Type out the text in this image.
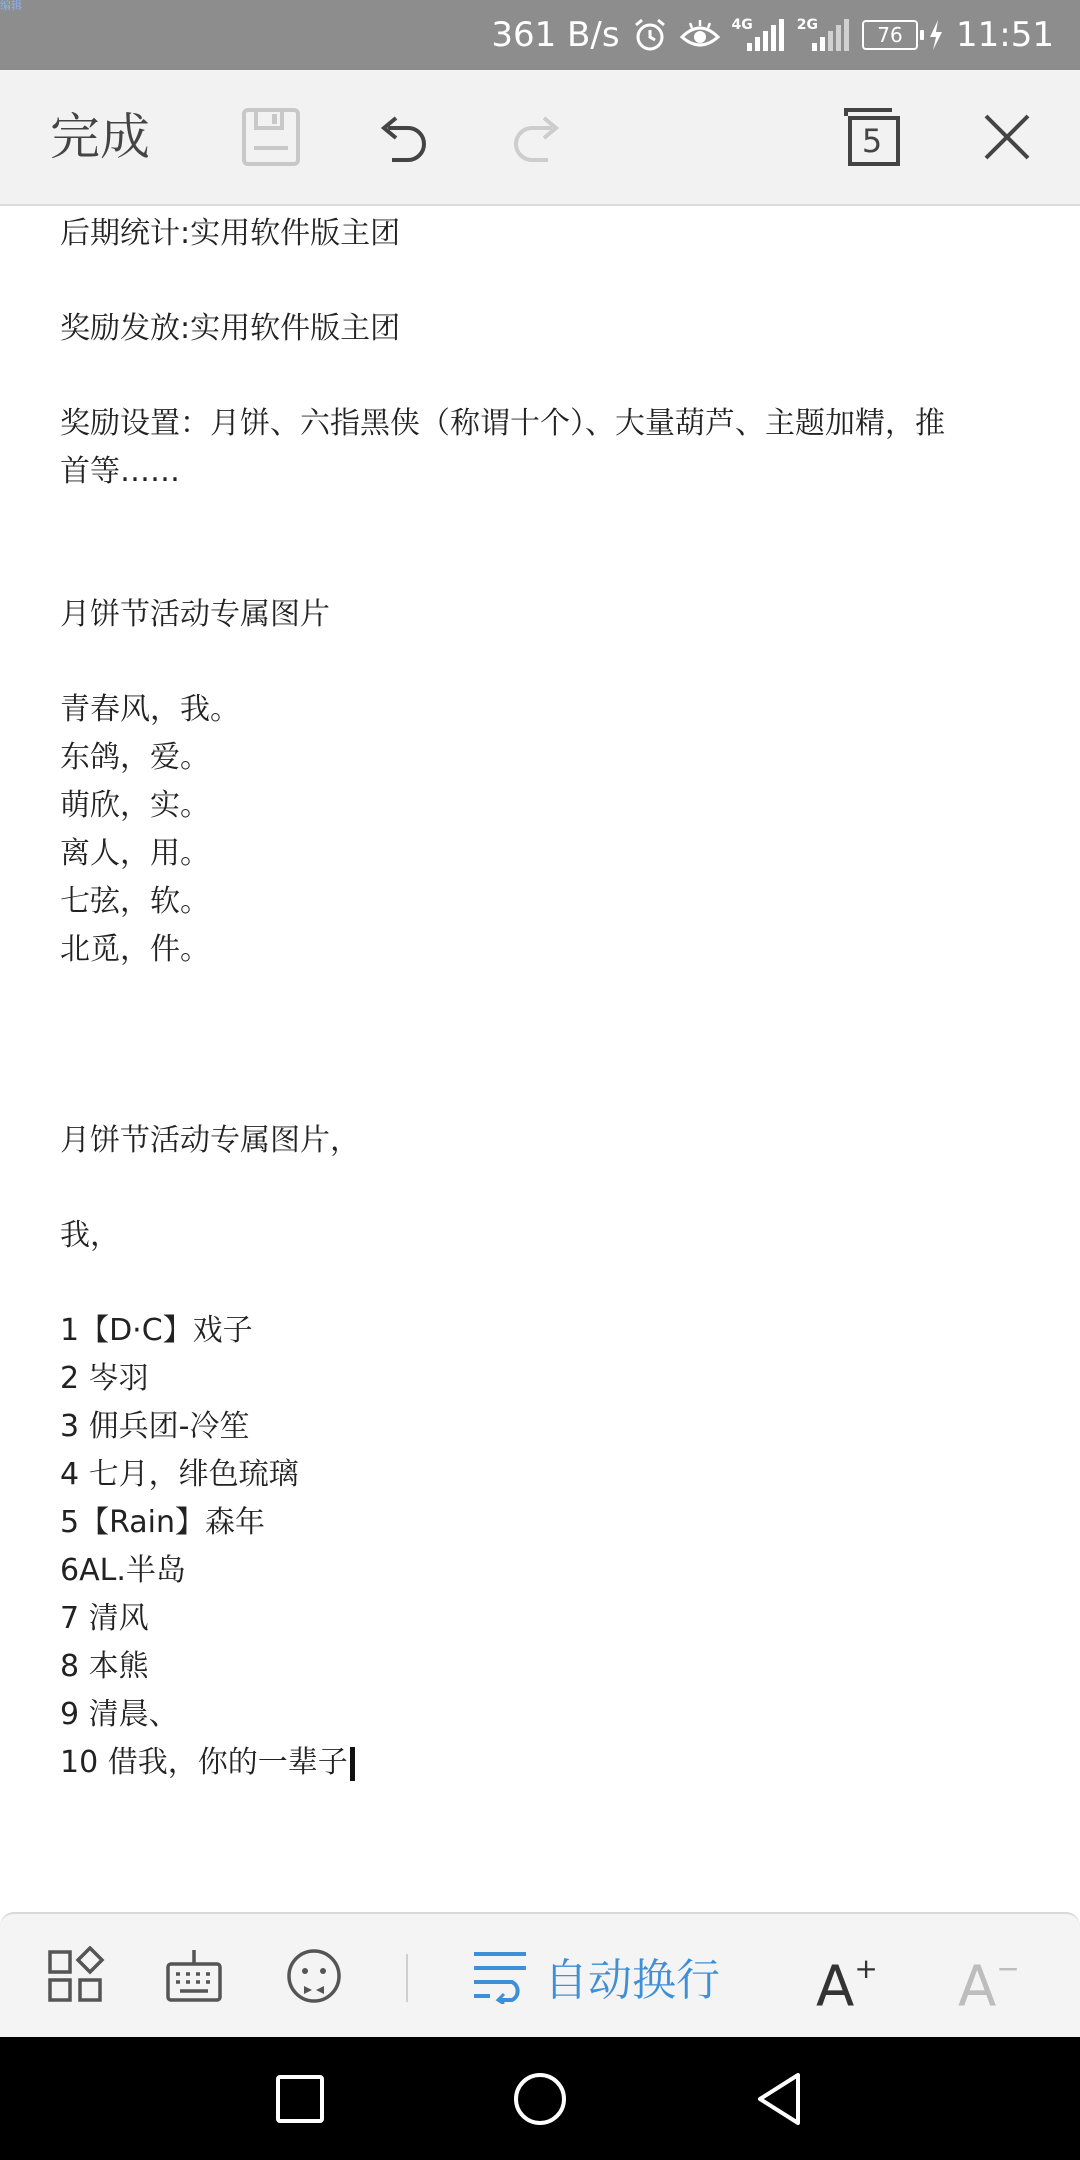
编辑
361 B/s	4G	2G	76	11:51
完成	5
后期统计:实用软件版主团
奖励发放:实用软件版主团
奖励设置：月饼、六指黑侠（称谓十个）、大量葫芦、主题加精，推
首等……
月饼节活动专属图片
青春风，我。
东鸽，爱。
萌欣，实。
离人，用。
七弦，软。
北觅，件。
月饼节活动专属图片，
我，
1【D·C】戏子
2 岑羽
3 佣兵团-冷笙
4 七月，绯色琉璃
5【Rain】森年
6AL.半岛
7 清风
8 本熊
9 清晨、
10 借我，你的一辈子
自动换行 A+ A−
